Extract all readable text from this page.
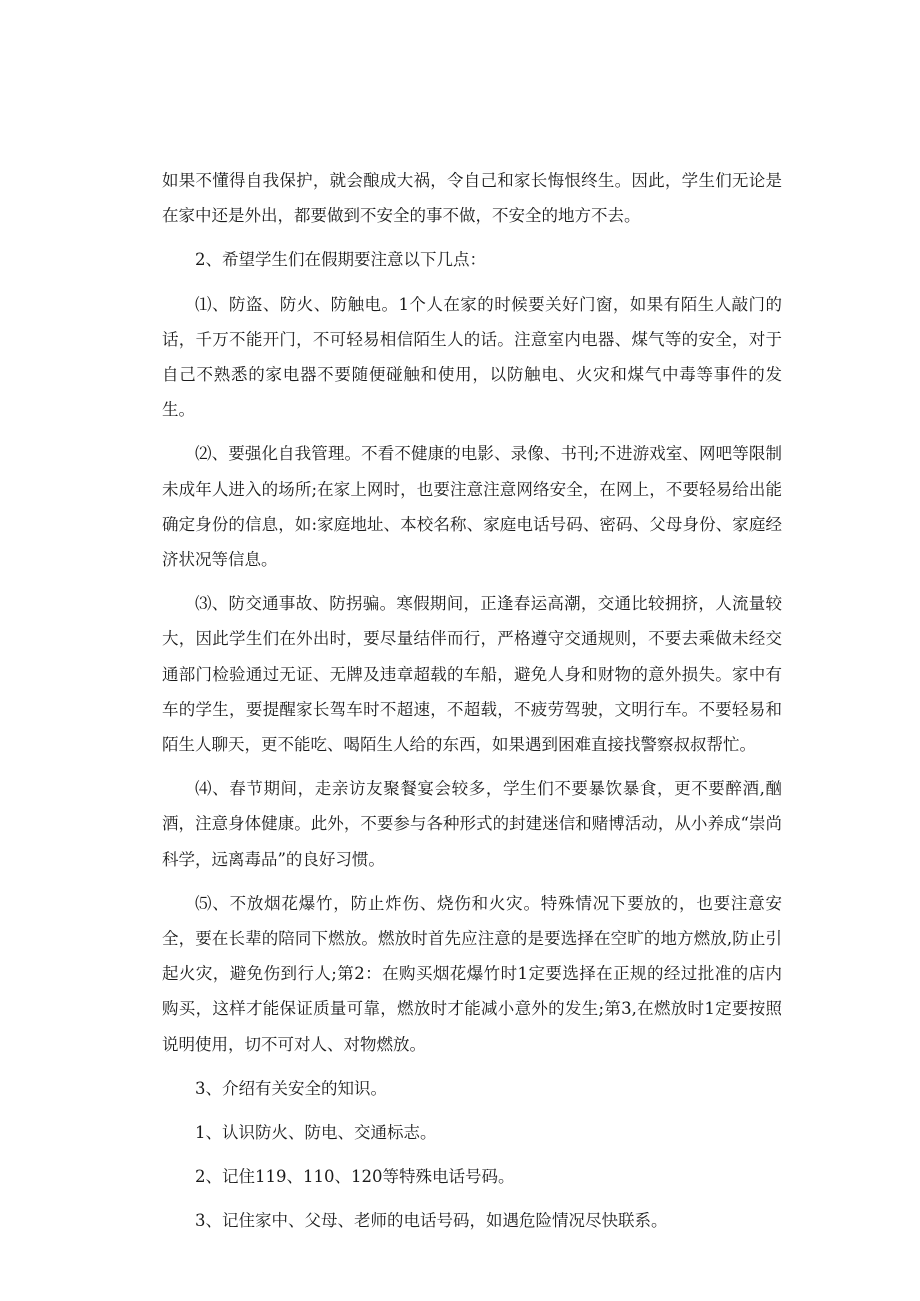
如果不懂得自我保护，就会酿成大祸，令自己和家长悔恨终生。因此，学生们无论是在家中还是外出，都要做到不安全的事不做，不安全的地方不去。

2、希望学生们在假期要注意以下几点：

⑴、防盗、防火、防触电。1个人在家的时候要关好门窗，如果有陌生人敲门的话，千万不能开门，不可轻易相信陌生人的话。注意室内电器、煤气等的安全，对于自己不熟悉的家电器不要随便碰触和使用，以防触电、火灾和煤气中毒等事件的发生。

⑵、要强化自我管理。不看不健康的电影、录像、书刊;不进游戏室、网吧等限制未成年人进入的场所;在家上网时，也要注意注意网络安全，在网上，不要轻易给出能确定身份的信息，如:家庭地址、本校名称、家庭电话号码、密码、父母身份、家庭经济状况等信息。

⑶、防交通事故、防拐骗。寒假期间，正逢春运高潮，交通比较拥挤，人流量较大，因此学生们在外出时，要尽量结伴而行，严格遵守交通规则，不要去乘做未经交通部门检验通过无证、无牌及违章超载的车船，避免人身和财物的意外损失。家中有车的学生，要提醒家长驾车时不超速，不超载，不疲劳驾驶，文明行车。不要轻易和陌生人聊天，更不能吃、喝陌生人给的东西，如果遇到困难直接找警察叔叔帮忙。

⑷、春节期间，走亲访友聚餐宴会较多，学生们不要暴饮暴食，更不要醉酒,酗酒，注意身体健康。此外，不要参与各种形式的封建迷信和赌博活动，从小养成“崇尚科学，远离毒品”的良好习惯。

⑸、不放烟花爆竹，防止炸伤、烧伤和火灾。特殊情况下要放的，也要注意安全，要在长辈的陪同下燃放。燃放时首先应注意的是要选择在空旷的地方燃放,防止引起火灾，避免伤到行人;第2：在购买烟花爆竹时1定要选择在正规的经过批准的店内购买，这样才能保证质量可靠，燃放时才能减小意外的发生;第3,在燃放时1定要按照说明使用，切不可对人、对物燃放。

3、介绍有关安全的知识。

1、认识防火、防电、交通标志。

2、记住119、110、120等特殊电话号码。

3、记住家中、父母、老师的电话号码，如遇危险情况尽快联系。
